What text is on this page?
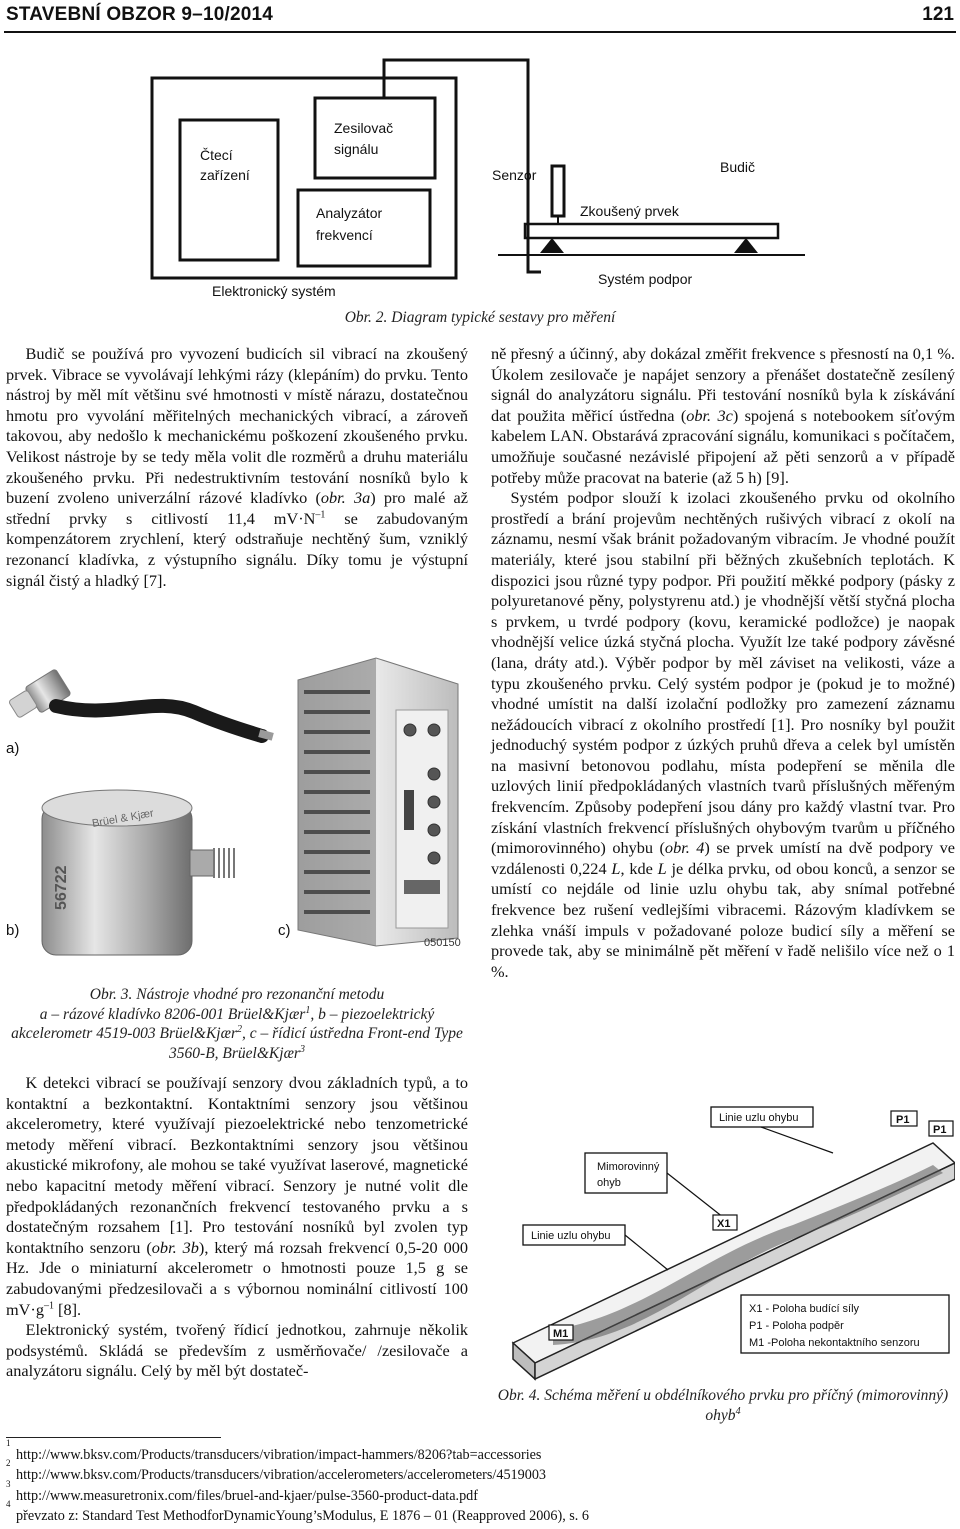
STAVEBNÍ OBZOR 9–10/2014	121
Čtecí
zařízení
Zesilovač
signálu
Analyzátor
frekvencí
Elektronický systém
Senzor	Budič
Zkoušený prvek
Systém podpor
Obr. 2. Diagram typické sestavy pro měření

Budič se používá pro vyvození budicích sil vibrací na zkoušený prvek. Vibrace se vyvolávají lehkými rázy (klepáním) do prvku. Tento nástroj by měl mít většinu své hmotnosti v místě nárazu, dostatečnou hmotu pro vyvolání měřitelných mechanických vibrací, a zároveň takovou, aby nedošlo k mechanickému poškození zkoušeného prvku. Velikost nástroje by se tedy měla volit dle rozměrů a druhu materiálu zkoušeného prvku. Při nedestruktivním testování nosníků bylo k buzení zvoleno univerzální rázové kladívko (obr. 3a) pro malé až střední prvky s citlivostí 11,4 $mV\cdot N^{-1}$ se zabudovaným kompenzátorem zrychlení, který odstraňuje nechtěný šum, vzniklý rezonancí kladívka, z výstupního signálu. Díky tomu je výstupní signál čistý a hladký [7].

Brüel & Kjær
56722
050150
a)
b)	c)
Obr. 3. Nástroje vhodné pro rezonanční metodu
a – rázové kladívko 8206-001 Brüel&Kjær$^1$, b – piezoelektrický akcelerometr 4519-003 Brüel&Kjær$^2$, c – řídicí ústředna Front-end Type 3560-B, Brüel&Kjær$^3$

K detekci vibrací se používají senzory dvou základních typů, a to kontaktní a bezkontaktní. Kontaktními senzory jsou většinou akcelerometry, které využívají piezoelektrické nebo tenzometrické metody měření vibrací. Bezkontaktními senzory jsou většinou akustické mikrofony, ale mohou se také využívat laserové, magnetické nebo kapacitní metody měření vibrací. Senzory je nutné volit dle předpokládaných rezonančních frekvencí testovaného prvku a s dostatečným rozsahem [1]. Pro testování nosníků byl zvolen typ kontaktního senzoru (obr. 3b), který má rozsah frekvencí 0,5-20 000 Hz. Jde o miniaturní akcelerometr o hmotnosti pouze 1,5 g se zabudovanými předzesilovači a s výbornou nominální citlivostí 100 $mV\cdot g^{-1}$ [8].

Elektronický systém, tvořený řídicí jednotkou, zahrnuje několik podsystémů. Skládá se především z usměrňovače/ /zesilovače a analyzátoru signálu. Celý by měl být dostateč-

ně přesný a účinný, aby dokázal změřit frekvence s přesností na 0,1 %. Úkolem zesilovače je napájet senzory a přenášet dostatečně zesílený signál do analyzátoru signálu. Při testování nosníků byla k získávání dat použita měřicí ústředna (obr. 3c) spojená s notebookem síťovým kabelem LAN. Obstarává zpracování signálu, komunikaci s počítačem, umožňuje současné nezávislé připojení až pěti senzorů a v případě potřeby může pracovat na baterie (až 5 h) [9].

Systém podpor slouží k izolaci zkoušeného prvku od okolního prostředí a brání projevům nechtěných rušivých vibrací z okolí na záznamu, nesmí však bránit požadovaným vibracím. Je vhodné použít materiály, které jsou stabilní při běžných zkušebních teplotách. K dispozici jsou různé typy podpor. Při použití měkké podpory (pásky z polyuretanové pěny, polystyrenu atd.) je vhodnější větší styčná plocha s prvkem, u tvrdé podpory (kovu, keramické podložce) je naopak vhodnější velice úzká styčná plocha. Využít lze také podpory závěsné (lana, dráty atd.). Výběr podpor by měl záviset na velikosti, váze a typu zkoušeného prvku. Celý systém podpor je (pokud je to možné) vhodné umístit na další izolační podložky pro zamezení záznamu nežádoucích vibrací z okolního prostředí [1]. Pro nosníky byl použit jednoduchý systém podpor z úzkých pruhů dřeva a celek byl umístěn na masivní betonovou podlahu, místa podepření se měnila dle uzlových linií předpokládaných vlastních tvarů příslušných měřeným frekvencím. Způsoby podepření jsou dány pro každý vlastní tvar. Pro získání vlastních frekvencí příslušných ohybovým tvarům u příčného (mimorovinného) ohybu (obr. 4) se prvek umístí na dvě podpory ve vzdálenosti 0,224 L, kde L je délka prvku, od obou konců, a senzor se umístí co nejdále od linie uzlu ohybu tak, aby snímal potřebné frekvence bez rušení vedlejšími vibracemi. Rázovým kladívkem se zlehka vnáší impuls v požadované poloze budicí síly a měření se provede tak, aby se minimálně pět měření v řadě nelišilo více než o 1 %.

Mimorovinný
ohyb
Linie uzlu ohybu
Linie uzlu ohybu
P1
P1
X1
M1
X1 - Poloha budící síly
P1 - Poloha podpěr
M1 -Poloha nekontaktního senzoru
Obr. 4. Schéma měření u obdélníkového prvku pro příčný (mimorovinný) ohyb$^4$
1
http://www.bksv.com/Products/transducers/vibration/impact-hammers/8206?tab=accessories
2
http://www.bksv.com/Products/transducers/vibration/accelerometers/accelerometers/4519003
3
http://www.measuretronix.com/files/bruel-and-kjaer/pulse-3560-product-data.pdf
4
převzato z: Standard Test MethodforDynamicYoung’sModulus, E 1876 – 01 (Reapproved 2006), s. 6
